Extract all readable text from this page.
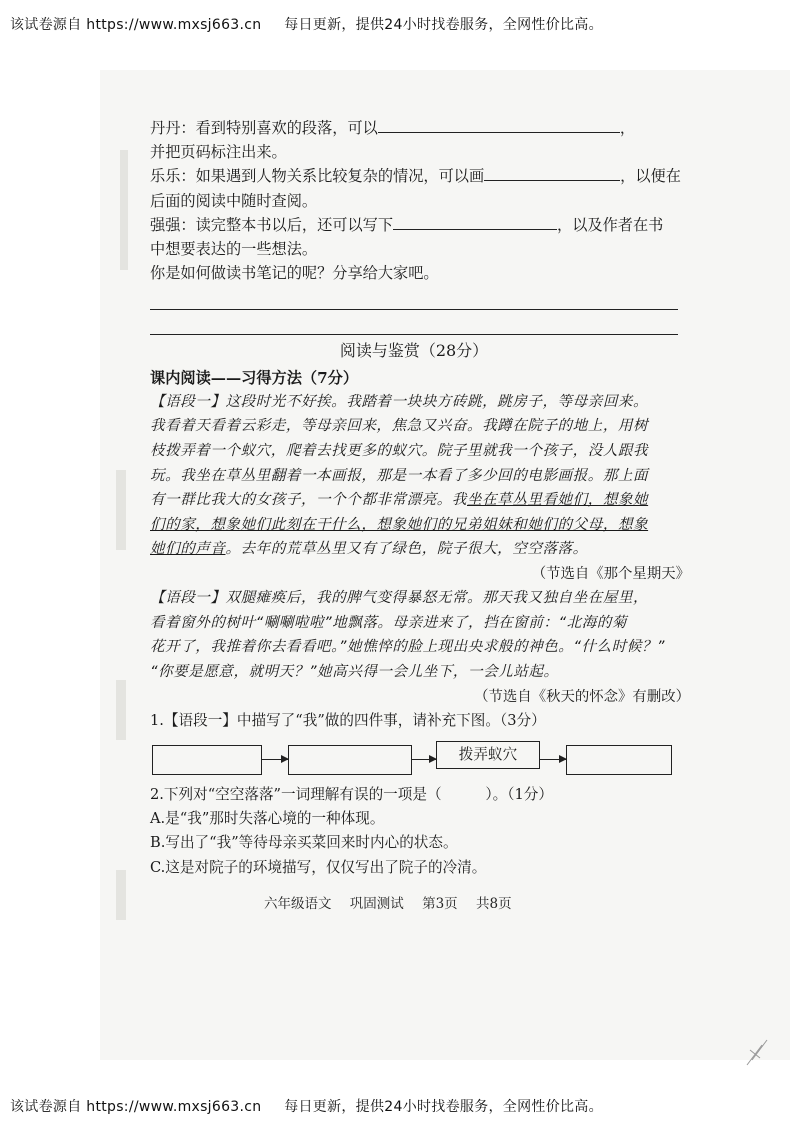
该试卷源自 https://www.mxsj663.cn 每日更新，提供24小时找卷服务，全网性价比高。
丹丹：看到特别喜欢的段落，可以	，
并把页码标注出来。
乐乐：如果遇到人物关系比较复杂的情况，可以画	，以便在
后面的阅读中随时查阅。
强强：读完整本书以后，还可以写下	，以及作者在书
中想要表达的一些想法。
你是如何做读书笔记的呢？分享给大家吧。
阅读与鉴赏（28分）
课内阅读——习得方法（7分）
【语段一】这段时光不好挨。我踏着一块块方砖跳，跳房子，等母亲回来。
我看着天看着云彩走，等母亲回来，焦急又兴奋。我蹲在院子的地上，用树
枝拨弄着一个蚁穴，爬着去找更多的蚁穴。院子里就我一个孩子，没人跟我
玩。我坐在草丛里翻着一本画报，那是一本看了多少回的电影画报。那上面
有一群比我大的女孩子，一个个都非常漂亮。我坐在草丛里看她们，想象她
们的家，想象她们此刻在干什么，想象她们的兄弟姐妹和她们的父母，想象
她们的声音。去年的荒草丛里又有了绿色，院子很大，空空落落。
（节选自《那个星期天》
【语段一】双腿瘫痪后，我的脾气变得暴怒无常。那天我又独自坐在屋里，
看着窗外的树叶“唰唰啦啦”地飘落。母亲进来了，挡在窗前：“北海的菊
花开了，我推着你去看看吧。”她憔悴的脸上现出央求般的神色。“什么时候？”
“你要是愿意，就明天？”她高兴得一会儿坐下，一会儿站起。
（节选自《秋天的怀念》有删改）
1.【语段一】中描写了“我”做的四件事，请补充下图。（3分）
拨弄蚁穴
2.下列对“空空落落”一词理解有误的一项是（　　　）。（1分）
A.是“我”那时失落心境的一种体现。
B.写出了“我”等待母亲买菜回来时内心的状态。
C.这是对院子的环境描写，仅仅写出了院子的冷清。
六年级语文 巩固测试 第3页 共8页
该试卷源自 https://www.mxsj663.cn 每日更新，提供24小时找卷服务，全网性价比高。
